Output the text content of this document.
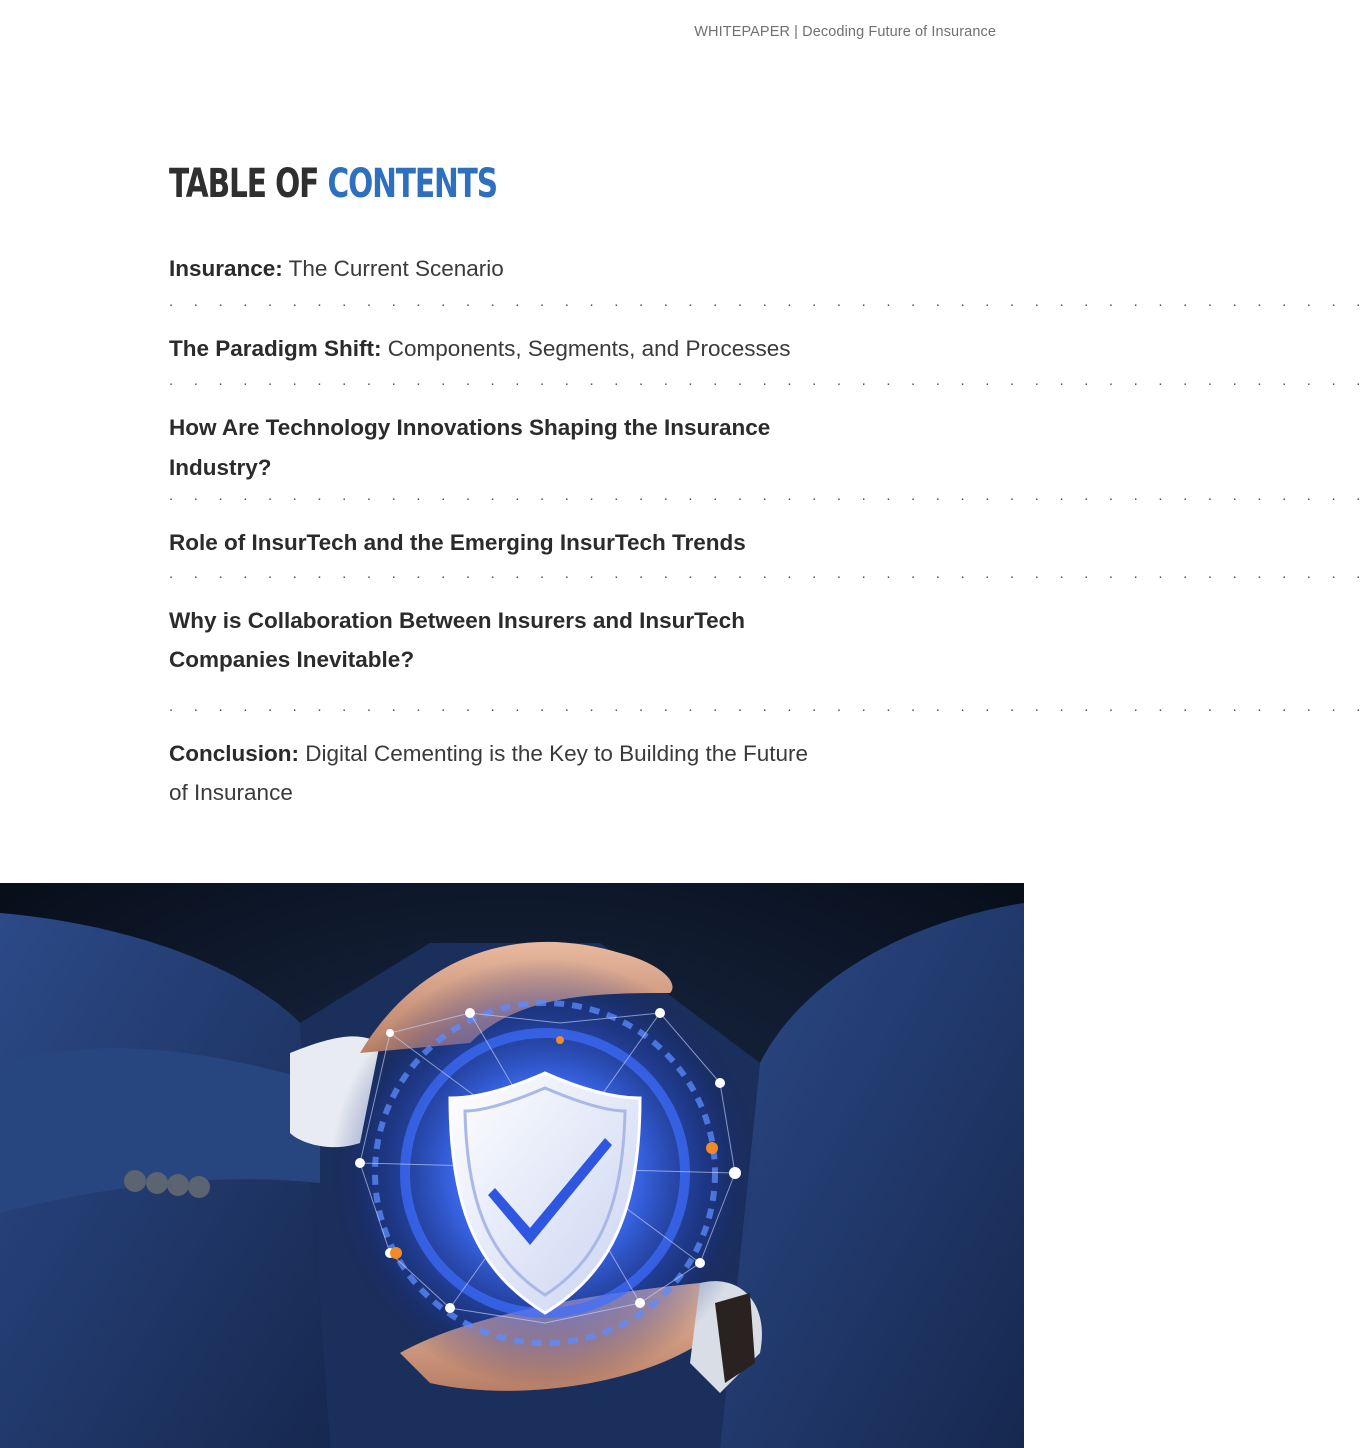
WHITEPAPER | Decoding Future of Insurance
TABLE OF CONTENTS
Insurance: The Current Scenario
. . . . . . . . . . . . . . . . . . . . . . . . . . . . . . . . . . . . . . . . . . . . . . . . .
The Paradigm Shift: Components, Segments, and Processes
. . . . . . . . . . . . . . . . . . . . . . . . . . . . . . . . . . . . . . . . . . . . . . . . .
How Are Technology Innovations Shaping the Insurance Industry?
. . . . . . . . . . . . . . . . . . . . . . . . . . . . . . . . . . . . . . . . . . . . . . . . .
Role of InsurTech and the Emerging InsurTech Trends
. . . . . . . . . . . . . . . . . . . . . . . . . . . . . . . . . . . . . . . . . . . . . . . . .
Why is Collaboration Between Insurers and InsurTech Companies Inevitable?
. . . . . . . . . . . . . . . . . . . . . . . . . . . . . . . . . . . . . . . . . . . . . . . . .
Conclusion: Digital Cementing is the Key to Building the Future of Insurance
